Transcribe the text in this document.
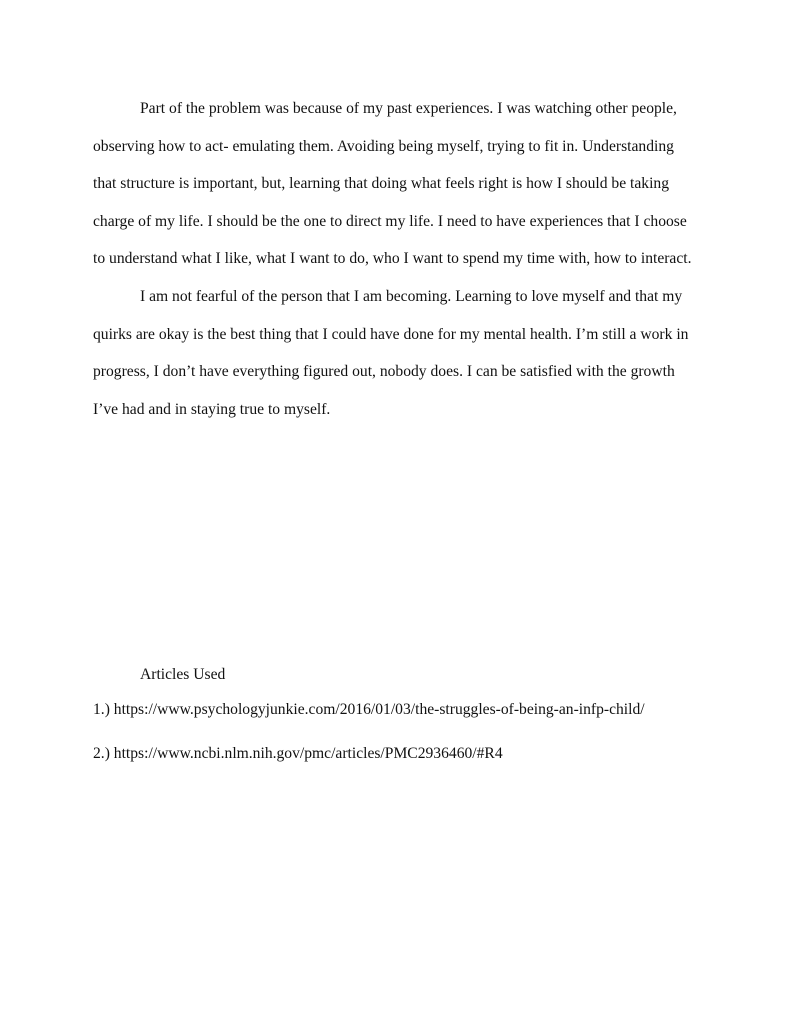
Part of the problem was because of my past experiences. I was watching other people, observing how to act- emulating them. Avoiding being myself, trying to fit in. Understanding that structure is important, but, learning that doing what feels right is how I should be taking charge of my life. I should be the one to direct my life. I need to have experiences that I choose to understand what I like, what I want to do, who I want to spend my time with, how to interact.

I am not fearful of the person that I am becoming. Learning to love myself and that my quirks are okay is the best thing that I could have done for my mental health. I’m still a work in progress, I don’t have everything figured out, nobody does. I can be satisfied with the growth I’ve had and in staying true to myself.

Articles Used

1.) https://www.psychologyjunkie.com/2016/01/03/the-struggles-of-being-an-infp-child/
2.) https://www.ncbi.nlm.nih.gov/pmc/articles/PMC2936460/#R4
